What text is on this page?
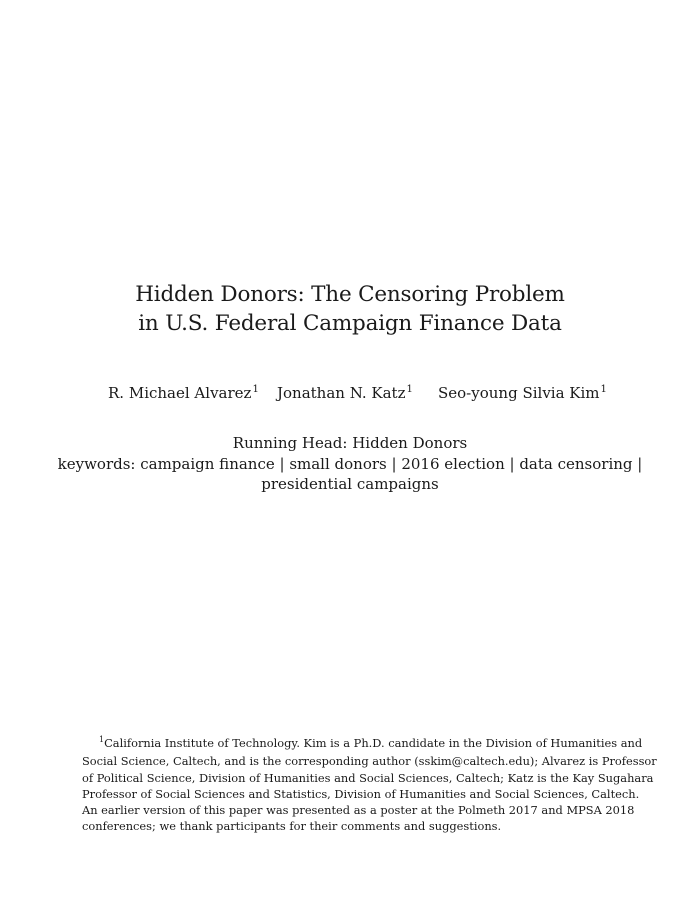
Hidden Donors: The Censoring Problem
in U.S. Federal Campaign Finance Data
R. Michael Alvarez$^1$ Jonathan N. Katz$^1$ Seo-young Silvia Kim$^1$
Running Head: Hidden Donors
keywords: campaign finance | small donors | 2016 election | data censoring |
presidential campaigns
$^1$California Institute of Technology. Kim is a Ph.D. candidate in the Division of Humanities and
Social Science, Caltech, and is the corresponding author (sskim@caltech.edu); Alvarez is Professor
of Political Science, Division of Humanities and Social Sciences, Caltech; Katz is the Kay Sugahara
Professor of Social Sciences and Statistics, Division of Humanities and Social Sciences, Caltech.
An earlier version of this paper was presented as a poster at the Polmeth 2017 and MPSA 2018
conferences; we thank participants for their comments and suggestions.
